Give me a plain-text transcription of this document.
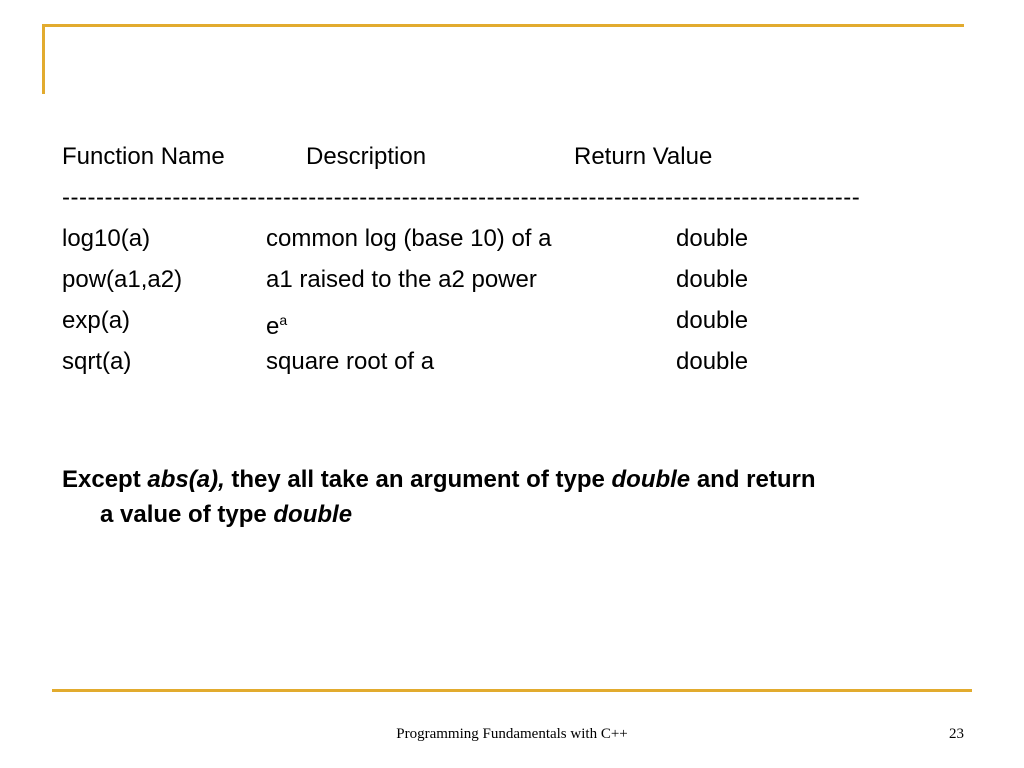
Function Name	Description	Return Value
----------------------------------------------------------------------------------------------
log10(a)	common log (base 10) of a	double
pow(a1,a2)	a1 raised to the a2 power	double
exp(a)	$e^a$	double
sqrt(a)	square root of a	double
Except abs(a), they all take an argument of type double and return
a value of type double
Programming Fundamentals with C++	23
